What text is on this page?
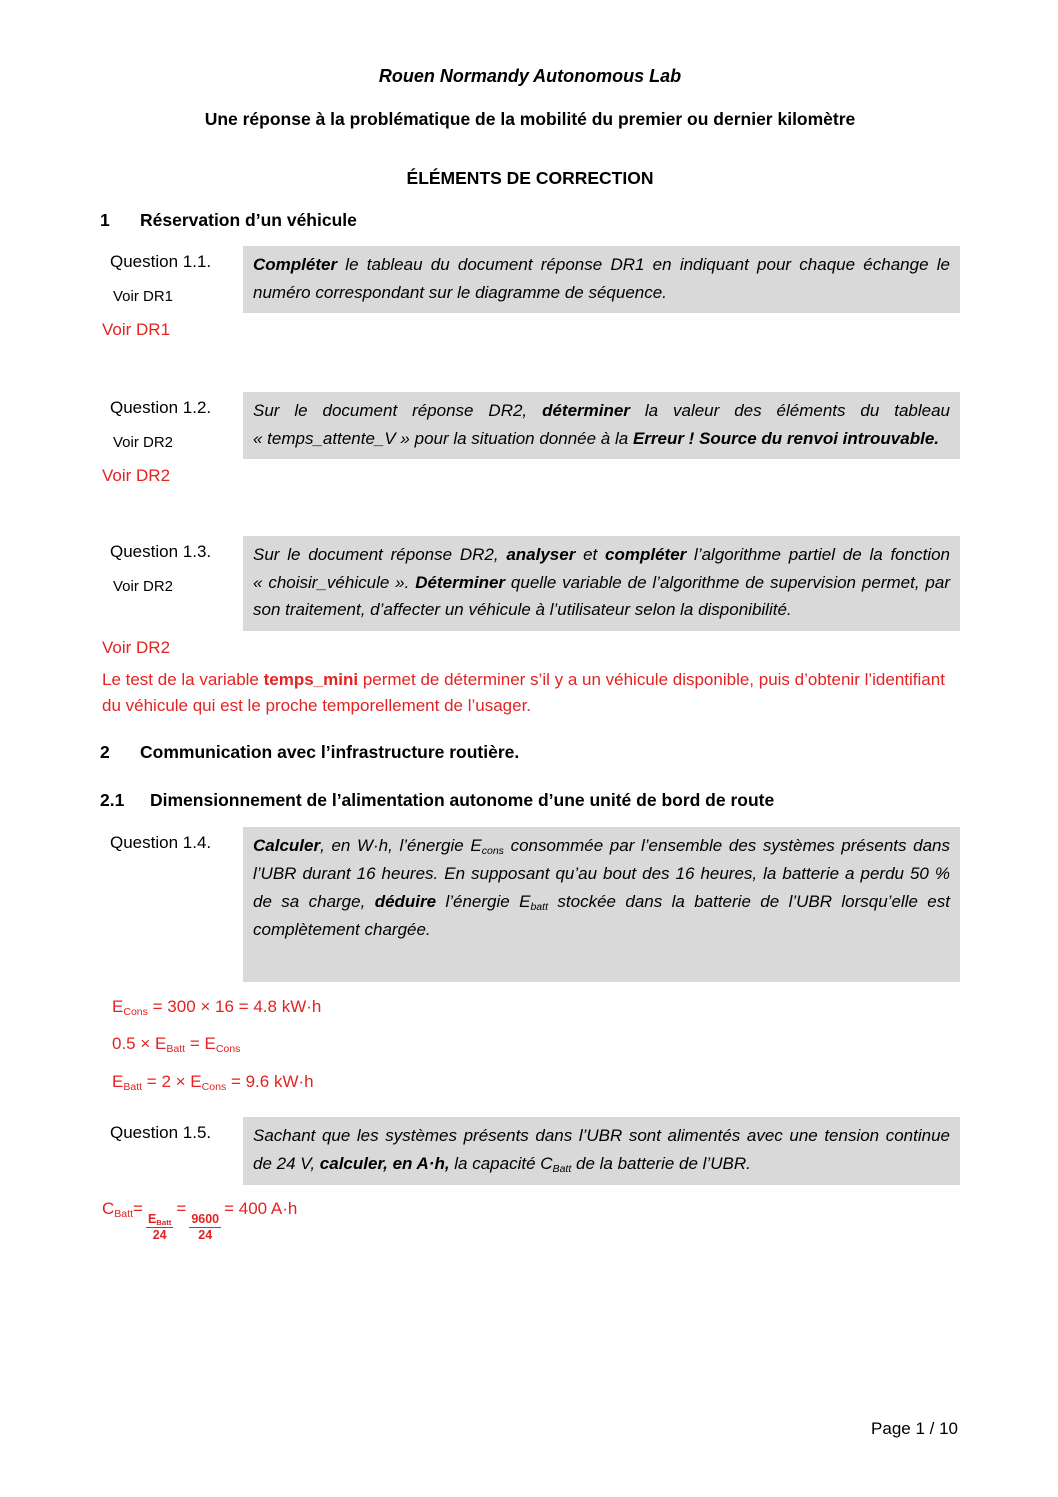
Rouen Normandy Autonomous Lab
Une réponse à la problématique de la mobilité du premier ou dernier kilomètre
ÉLÉMENTS DE CORRECTION
1	Réservation d’un véhicule
Question 1.1.
Voir DR1
Compléter le tableau du document réponse DR1 en indiquant pour chaque échange le numéro correspondant sur le diagramme de séquence.
Voir DR1
Question 1.2.
Voir DR2
Sur le document réponse DR2, déterminer la valeur des éléments du tableau « temps_attente_V » pour la situation donnée à la Erreur ! Source du renvoi introuvable.
Voir DR2
Question 1.3.
Voir DR2
Sur le document réponse DR2, analyser et compléter l’algorithme partiel de la fonction « choisir_véhicule ». Déterminer quelle variable de l’algorithme de supervision permet, par son traitement, d’affecter un véhicule à l’utilisateur selon la disponibilité.
Voir DR2
Le test de la variable temps_mini permet de déterminer s’il y a un véhicule disponible, puis d’obtenir l’identifiant du véhicule qui est le proche temporellement de l’usager.
2	Communication avec l’infrastructure routière.
2.1	Dimensionnement de l’alimentation autonome d’une unité de bord de route
Question 1.4.	Calculer, en W·h, l’énergie $E_{cons}$ consommée par l’ensemble des systèmes présents dans l’UBR durant 16 heures. En supposant qu’au bout des 16 heures, la batterie a perdu 50 % de sa charge, déduire l’énergie $E_{batt}$ stockée dans la batterie de l’UBR lorsqu’elle est complètement chargée.
$E_{Cons} = 300 \times 16 = 4.8$ kW·h
$0.5 \times E_{Batt} = E_{Cons}$
$E_{Batt} = 2 \times E_{Cons} = 9.6$ kW·h
Question 1.5.	Sachant que les systèmes présents dans l’UBR sont alimentés avec une tension continue de 24 V, calculer, en A·h, la capacité $C_{Batt}$ de la batterie de l’UBR.
$C_{Batt}=$
$\frac{E_{Batt}}{24}$
=
$\frac{9600}{24}$
= 400 A·h
Page 1 / 10
